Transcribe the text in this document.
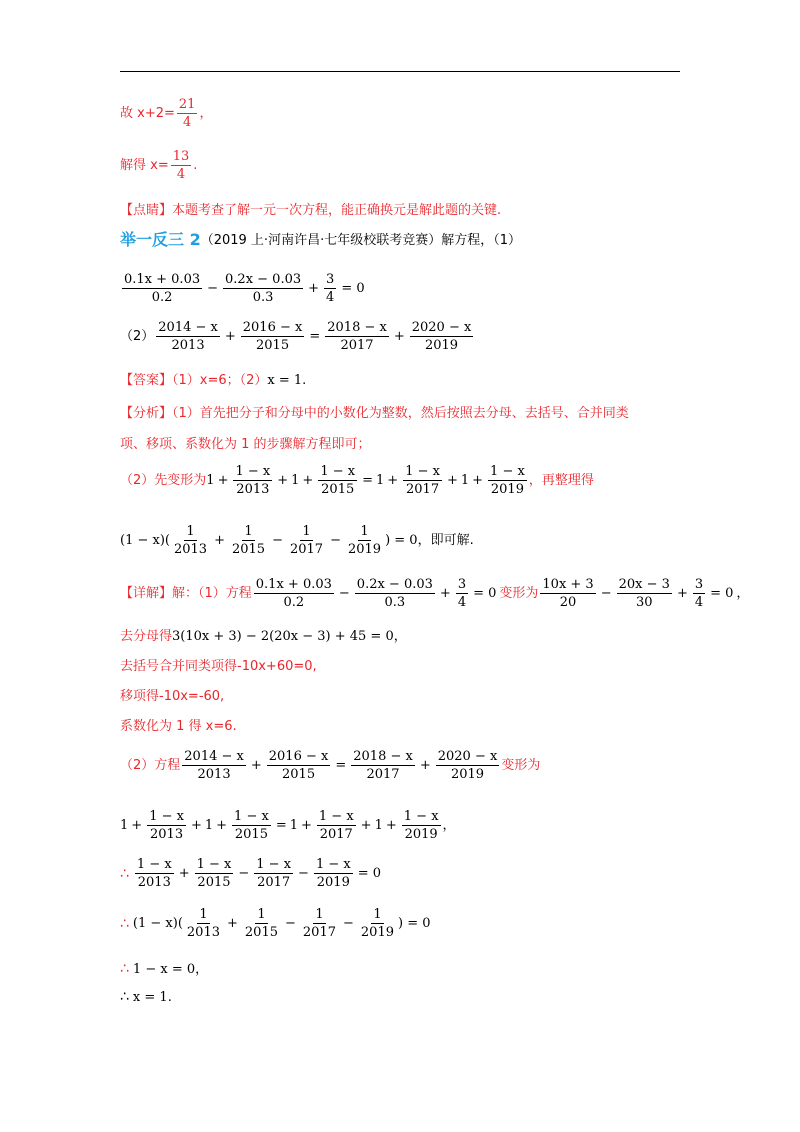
故 $x+2= \frac{21}{4}$ ，
解得 $x= \frac{13}{4}$ .
【点睛】本题考查了解一元一次方程，能正确换元是解此题的关键.
举一反三 2 （2019 上·河南许昌·七年级校联考竞赛）解方程，（1）
$\frac{0.1x + 0.03}{0.2} - \frac{0.2x - 0.03}{0.3} + \frac{3}{4} = 0$
$(2) \frac{2014 - x}{2013} + \frac{2016 - x}{2015} = \frac{2018 - x}{2017} + \frac{2020 - x}{2019}$
【答案】（1）x=6；（2） x = 1 .
【分析】（1）首先把分子和分母中的小数化为整数，然后按照去分母、去括号、合并同类
项、移项、系数化为 1 的步骤解方程即可；
（2）先变形为 $1 + \frac{1 - x}{2013} + 1 + \frac{1 - x}{2015} = 1 + \frac{1 - x}{2017} + 1 + \frac{1 - x}{2019}$ ，再整理得
$(1 - x)( \frac{1}{2013} + \frac{1}{2015} - \frac{1}{2017} - \frac{1}{2019}$ ) = 0 ，即可解.
【详解】解：（1）方程 $\frac{0.1x + 0.03}{0.2} - \frac{0.2x - 0.03}{0.3} + \frac{3}{4} = 0$ 变形为 $\frac{10x + 3}{20} - \frac{20x - 3}{30} + \frac{3}{4} = 0$ ，
去分母得 3(10x + 3) − 2(20x − 3) + 45 = 0 ，
去括号合并同类项得-10x+60=0,
移项得-10x=-60,
系数化为 1 得 x=6.
（2）方程 $\frac{2014 - x}{2013} + \frac{2016 - x}{2015} = \frac{2018 - x}{2017} + \frac{2020 - x}{2019}$ 变形为
$1 + \frac{1 - x}{2013} + 1 + \frac{1 - x}{2015} = 1 + \frac{1 - x}{2017} + 1 + \frac{1 - x}{2019}$ ，
∴ $\frac{1 - x}{2013} + \frac{1 - x}{2015} - \frac{1 - x}{2017} - \frac{1 - x}{2019} = 0$
∴ $(1 - x)( \frac{1}{2013} + \frac{1}{2015} - \frac{1}{2017} - \frac{1}{2019}$ ) = 0
∴ 1 − x = 0 ，
∴ x = 1 .
